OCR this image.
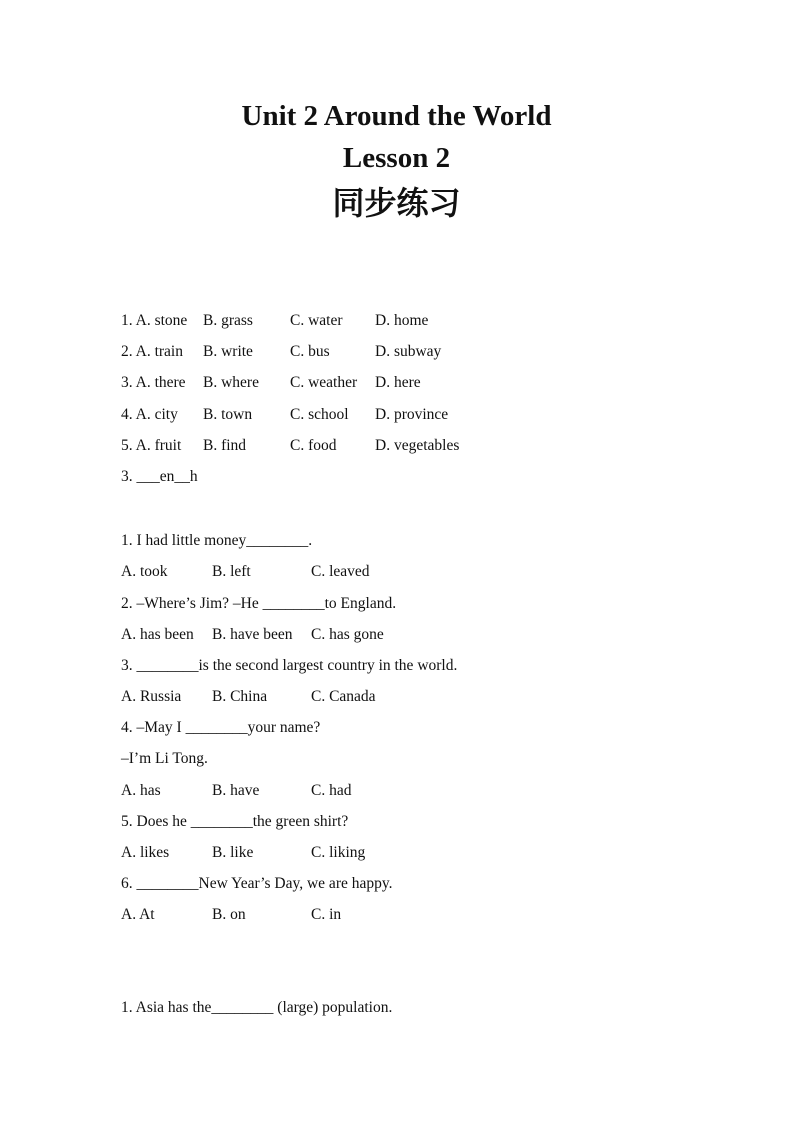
Unit 2 Around the World
Lesson 2
同步练习
1. A. stone	B. grass	C. water	D. home
2. A. train	B. write	C. bus	D. subway
3. A. there	B. where	C. weather	D. here
4. A. city	B. town	C. school	D. province
5. A. fruit	B. find	C. food	D. vegetables
3. ___en__h
1. I had little money________.
A. took	B. left	C. leaved
2. –Where’s Jim? –He ________to England.
A. has been	B. have been	C. has gone
3. ________is the second largest country in the world.
A. Russia	B. China	C. Canada
4. –May I ________your name?
–I’m Li Tong.
A. has	B. have	C. had
5. Does he ________the green shirt?
A. likes	B. like	C. liking
6. ________New Year’s Day, we are happy.
A. At	B. on	C. in
1. Asia has the________ (large) population.
